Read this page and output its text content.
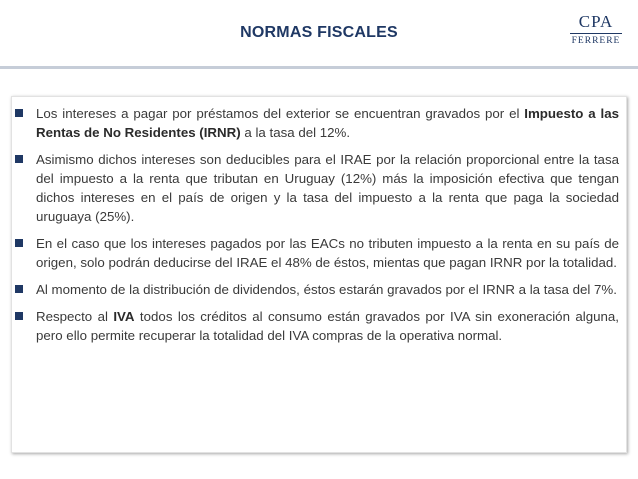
NORMAS FISCALES
CPA
FERRERE
Los intereses a pagar por préstamos del exterior se encuentran gravados por el Impuesto a las Rentas de No Residentes (IRNR) a la tasa del 12%.
Asimismo dichos intereses son deducibles para el IRAE por la relación proporcional entre la tasa del impuesto a la renta que tributan en Uruguay (12%) más la imposición efectiva que tengan dichos intereses en el país de origen y la tasa del impuesto a la renta que paga la sociedad uruguaya (25%).
En el caso que los intereses pagados por las EACs no tributen impuesto a la renta en su país de origen, solo podrán deducirse del IRAE el 48% de éstos, mientas que pagan IRNR por la totalidad.
Al momento de la distribución de dividendos, éstos estarán gravados por el IRNR a la tasa del 7%.
Respecto al IVA todos los créditos al consumo están gravados por IVA sin exoneración alguna, pero ello permite recuperar la totalidad del IVA compras de la operativa normal.
